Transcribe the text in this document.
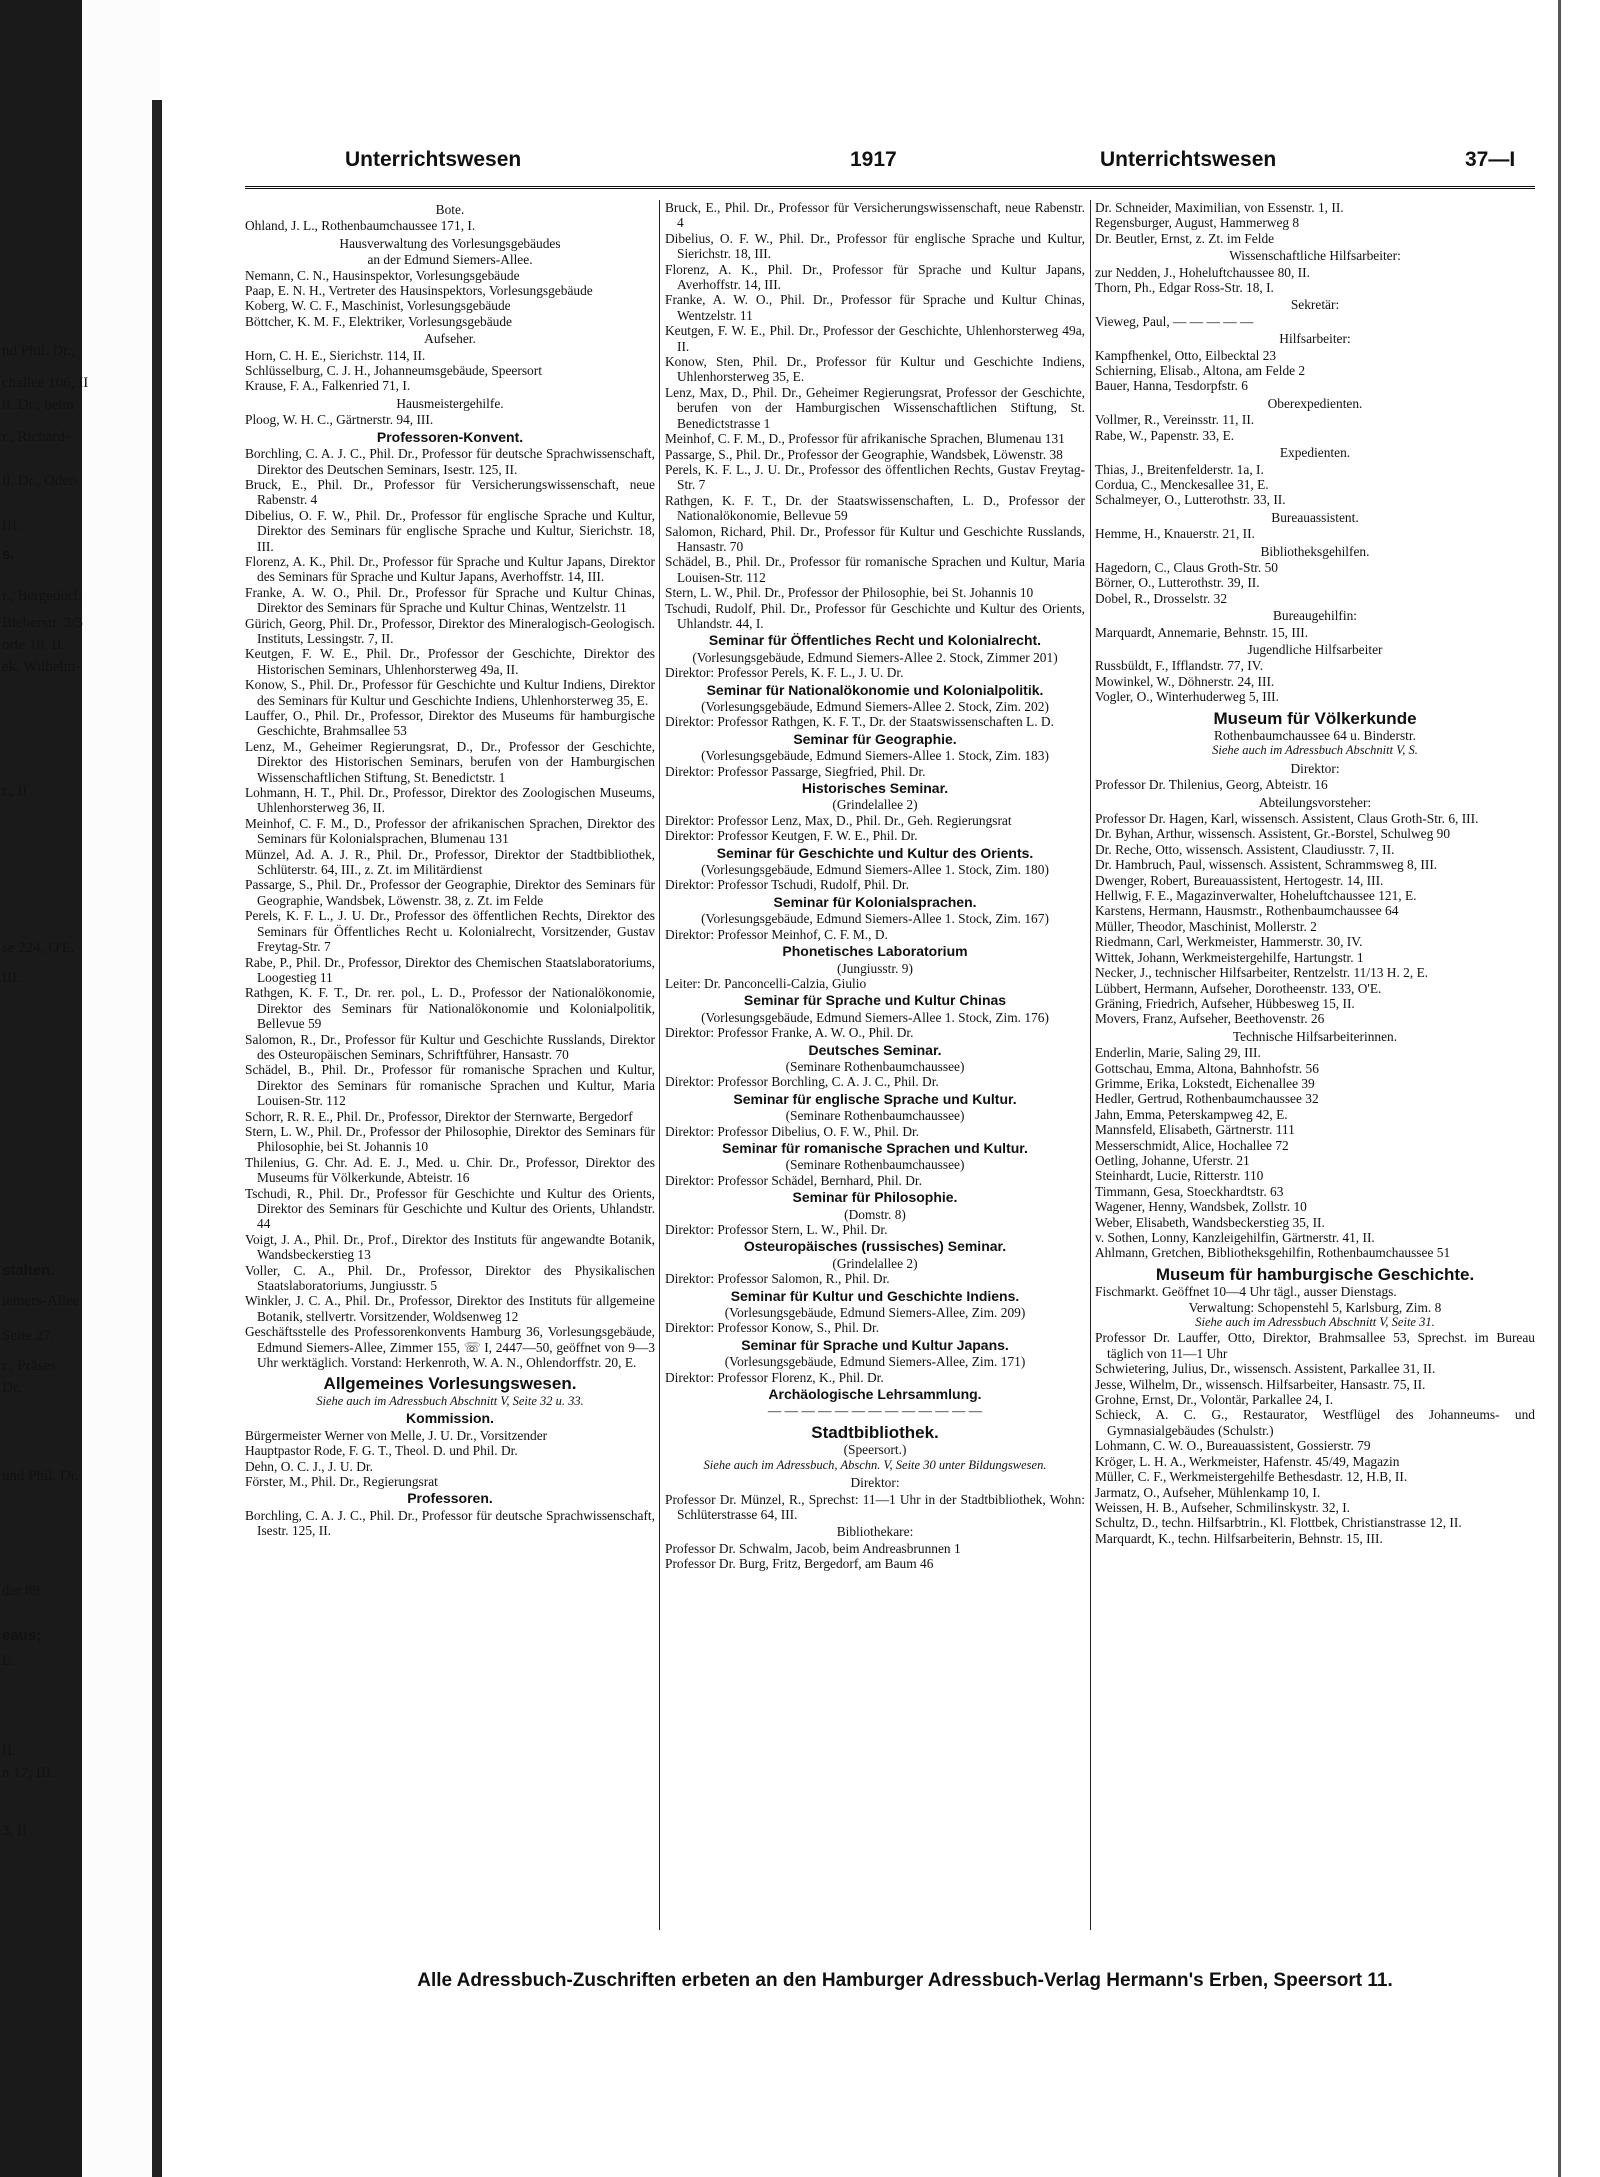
nd Phil. Dr.,
challee 106, II
il. Dr., beim
r., Richard-
il. Dr., Oder-
III.
s.
r., Bergedorf,
Bieberstr. 3/5
orte 18, II.
ek, Wilhelm-
r., II
se 224, O'E.
III.
stalten.
iemers-Allee
Seite 27.
r., Präses
Dr.
und Phil. Dr.
der 89
eaus;
E.
II.
n 17, III.
3, II
Unterrichtswesen	1917	Unterrichtswesen	37—I

Bote.

Ohland, J. L., Rothenbaumchaussee 171, I.

Hausverwaltung des Vorlesungsgebäudes

an der Edmund Siemers-Allee.

Nemann, C. N., Hausinspektor, Vorlesungsgebäude

Paap, E. N. H., Vertreter des Hausinspektors, Vorlesungsgebäude

Koberg, W. C. F., Maschinist, Vorlesungsgebäude

Böttcher, K. M. F., Elektriker, Vorlesungsgebäude

Aufseher.

Horn, C. H. E., Sierichstr. 114, II.

Schlüsselburg, C. J. H., Johanneumsgebäude, Speersort

Krause, F. A., Falkenried 71, I.

Hausmeistergehilfe.

Ploog, W. H. C., Gärtnerstr. 94, III.

Professoren-Konvent.

Borchling, C. A. J. C., Phil. Dr., Professor für deutsche Sprachwissenschaft, Direktor des Deutschen Seminars, Isestr. 125, II.

Bruck, E., Phil. Dr., Professor für Versicherungswissenschaft, neue Rabenstr. 4

Dibelius, O. F. W., Phil. Dr., Professor für englische Sprache und Kultur, Direktor des Seminars für englische Sprache und Kultur, Sierichstr. 18, III.

Florenz, A. K., Phil. Dr., Professor für Sprache und Kultur Japans, Direktor des Seminars für Sprache und Kultur Japans, Averhoffstr. 14, III.

Franke, A. W. O., Phil. Dr., Professor für Sprache und Kultur Chinas, Direktor des Seminars für Sprache und Kultur Chinas, Wentzelstr. 11

Gürich, Georg, Phil. Dr., Professor, Direktor des Mineralogisch-Geologisch. Instituts, Lessingstr. 7, II.

Keutgen, F. W. E., Phil. Dr., Professor der Geschichte, Direktor des Historischen Seminars, Uhlenhorsterweg 49a, II.

Konow, S., Phil. Dr., Professor für Geschichte und Kultur Indiens, Direktor des Seminars für Kultur und Geschichte Indiens, Uhlenhorsterweg 35, E.

Lauffer, O., Phil. Dr., Professor, Direktor des Museums für hamburgische Geschichte, Brahmsallee 53

Lenz, M., Geheimer Regierungsrat, D., Dr., Professor der Geschichte, Direktor des Historischen Seminars, berufen von der Hamburgischen Wissenschaftlichen Stiftung, St. Benedictstr. 1

Lohmann, H. T., Phil. Dr., Professor, Direktor des Zoologischen Museums, Uhlenhorsterweg 36, II.

Meinhof, C. F. M., D., Professor der afrikanischen Sprachen, Direktor des Seminars für Kolonialsprachen, Blumenau 131

Münzel, Ad. A. J. R., Phil. Dr., Professor, Direktor der Stadtbibliothek, Schlüterstr. 64, III., z. Zt. im Militärdienst

Passarge, S., Phil. Dr., Professor der Geographie, Direktor des Seminars für Geographie, Wandsbek, Löwenstr. 38, z. Zt. im Felde

Perels, K. F. L., J. U. Dr., Professor des öffentlichen Rechts, Direktor des Seminars für Öffentliches Recht u. Kolonialrecht, Vorsitzender, Gustav Freytag-Str. 7

Rabe, P., Phil. Dr., Professor, Direktor des Chemischen Staatslaboratoriums, Loogestieg 11

Rathgen, K. F. T., Dr. rer. pol., L. D., Professor der Nationalökonomie, Direktor des Seminars für Nationalökonomie und Kolonialpolitik, Bellevue 59

Salomon, R., Dr., Professor für Kultur und Geschichte Russlands, Direktor des Osteuropäischen Seminars, Schriftführer, Hansastr. 70

Schädel, B., Phil. Dr., Professor für romanische Sprachen und Kultur, Direktor des Seminars für romanische Sprachen und Kultur, Maria Louisen-Str. 112

Schorr, R. R. E., Phil. Dr., Professor, Direktor der Sternwarte, Bergedorf

Stern, L. W., Phil. Dr., Professor der Philosophie, Direktor des Seminars für Philosophie, bei St. Johannis 10

Thilenius, G. Chr. Ad. E. J., Med. u. Chir. Dr., Professor, Direktor des Museums für Völkerkunde, Abteistr. 16

Tschudi, R., Phil. Dr., Professor für Geschichte und Kultur des Orients, Direktor des Seminars für Geschichte und Kultur des Orients, Uhlandstr. 44

Voigt, J. A., Phil. Dr., Prof., Direktor des Instituts für angewandte Botanik, Wandsbeckerstieg 13

Voller, C. A., Phil. Dr., Professor, Direktor des Physikalischen Staatslaboratoriums, Jungiusstr. 5

Winkler, J. C. A., Phil. Dr., Professor, Direktor des Instituts für allgemeine Botanik, stellvertr. Vorsitzender, Woldsenweg 12

Geschäftsstelle des Professorenkonvents Hamburg 36, Vorlesungsgebäude, Edmund Siemers-Allee, Zimmer 155, ☏ I, 2447—50, geöffnet von 9—3 Uhr werktäglich. Vorstand: Herkenroth, W. A. N., Ohlendorffstr. 20, E.

Allgemeines Vorlesungswesen.

Siehe auch im Adressbuch Abschnitt V, Seite 32 u. 33.

Kommission.

Bürgermeister Werner von Melle, J. U. Dr., Vorsitzender

Hauptpastor Rode, F. G. T., Theol. D. und Phil. Dr.

Dehn, O. C. J., J. U. Dr.

Förster, M., Phil. Dr., Regierungsrat

Professoren.

Borchling, C. A. J. C., Phil. Dr., Professor für deutsche Sprachwissenschaft, Isestr. 125, II.

Bruck, E., Phil. Dr., Professor für Versicherungswissenschaft, neue Rabenstr. 4

Dibelius, O. F. W., Phil. Dr., Professor für englische Sprache und Kultur, Sierichstr. 18, III.

Florenz, A. K., Phil. Dr., Professor für Sprache und Kultur Japans, Averhoffstr. 14, III.

Franke, A. W. O., Phil. Dr., Professor für Sprache und Kultur Chinas, Wentzelstr. 11

Keutgen, F. W. E., Phil. Dr., Professor der Geschichte, Uhlenhorsterweg 49a, II.

Konow, Sten, Phil. Dr., Professor für Kultur und Geschichte Indiens, Uhlenhorsterweg 35, E.

Lenz, Max, D., Phil. Dr., Geheimer Regierungsrat, Professor der Geschichte, berufen von der Hamburgischen Wissenschaftlichen Stiftung, St. Benedictstrasse 1

Meinhof, C. F. M., D., Professor für afrikanische Sprachen, Blumenau 131

Passarge, S., Phil. Dr., Professor der Geographie, Wandsbek, Löwenstr. 38

Perels, K. F. L., J. U. Dr., Professor des öffentlichen Rechts, Gustav Freytag-Str. 7

Rathgen, K. F. T., Dr. der Staatswissenschaften, L. D., Professor der Nationalökonomie, Bellevue 59

Salomon, Richard, Phil. Dr., Professor für Kultur und Geschichte Russlands, Hansastr. 70

Schädel, B., Phil. Dr., Professor für romanische Sprachen und Kultur, Maria Louisen-Str. 112

Stern, L. W., Phil. Dr., Professor der Philosophie, bei St. Johannis 10

Tschudi, Rudolf, Phil. Dr., Professor für Geschichte und Kultur des Orients, Uhlandstr. 44, I.

Seminar für Öffentliches Recht und Kolonialrecht.

(Vorlesungsgebäude, Edmund Siemers-Allee 2. Stock, Zimmer 201)

Direktor: Professor Perels, K. F. L., J. U. Dr.

Seminar für Nationalökonomie und Kolonialpolitik.

(Vorlesungsgebäude, Edmund Siemers-Allee 2. Stock, Zim. 202)

Direktor: Professor Rathgen, K. F. T., Dr. der Staatswissenschaften L. D.

Seminar für Geographie.

(Vorlesungsgebäude, Edmund Siemers-Allee 1. Stock, Zim. 183)

Direktor: Professor Passarge, Siegfried, Phil. Dr.

Historisches Seminar.

(Grindelallee 2)

Direktor: Professor Lenz, Max, D., Phil. Dr., Geh. Regierungsrat

Direktor: Professor Keutgen, F. W. E., Phil. Dr.

Seminar für Geschichte und Kultur des Orients.

(Vorlesungsgebäude, Edmund Siemers-Allee 1. Stock, Zim. 180)

Direktor: Professor Tschudi, Rudolf, Phil. Dr.

Seminar für Kolonialsprachen.

(Vorlesungsgebäude, Edmund Siemers-Allee 1. Stock, Zim. 167)

Direktor: Professor Meinhof, C. F. M., D.

Phonetisches Laboratorium

(Jungiusstr. 9)

Leiter: Dr. Panconcelli-Calzia, Giulio

Seminar für Sprache und Kultur Chinas

(Vorlesungsgebäude, Edmund Siemers-Allee 1. Stock, Zim. 176)

Direktor: Professor Franke, A. W. O., Phil. Dr.

Deutsches Seminar.

(Seminare Rothenbaumchaussee)

Direktor: Professor Borchling, C. A. J. C., Phil. Dr.

Seminar für englische Sprache und Kultur.

(Seminare Rothenbaumchaussee)

Direktor: Professor Dibelius, O. F. W., Phil. Dr.

Seminar für romanische Sprachen und Kultur.

(Seminare Rothenbaumchaussee)

Direktor: Professor Schädel, Bernhard, Phil. Dr.

Seminar für Philosophie.

(Domstr. 8)

Direktor: Professor Stern, L. W., Phil. Dr.

Osteuropäisches (russisches) Seminar.

(Grindelallee 2)

Direktor: Professor Salomon, R., Phil. Dr.

Seminar für Kultur und Geschichte Indiens.

(Vorlesungsgebäude, Edmund Siemers-Allee, Zim. 209)

Direktor: Professor Konow, S., Phil. Dr.

Seminar für Sprache und Kultur Japans.

(Vorlesungsgebäude, Edmund Siemers-Allee, Zim. 171)

Direktor: Professor Florenz, K., Phil. Dr.

Archäologische Lehrsammlung.

— — — — — — — — — — — — —

Stadtbibliothek.

(Speersort.)

Siehe auch im Adressbuch, Abschn. V, Seite 30 unter Bildungswesen.

Direktor:

Professor Dr. Münzel, R., Sprechst: 11—1 Uhr in der Stadtbibliothek, Wohn: Schlüterstrasse 64, III.

Bibliothekare:

Professor Dr. Schwalm, Jacob, beim Andreasbrunnen 1

Professor Dr. Burg, Fritz, Bergedorf, am Baum 46

Dr. Schneider, Maximilian, von Essenstr. 1, II.

Regensburger, August, Hammerweg 8

Dr. Beutler, Ernst, z. Zt. im Felde

Wissenschaftliche Hilfsarbeiter:

zur Nedden, J., Hoheluftchaussee 80, II.

Thorn, Ph., Edgar Ross-Str. 18, I.

Sekretär:

Vieweg, Paul, — — — — —

Hilfsarbeiter:

Kampfhenkel, Otto, Eilbecktal 23

Schierning, Elisab., Altona, am Felde 2

Bauer, Hanna, Tesdorpfstr. 6

Oberexpedienten.

Vollmer, R., Vereinsstr. 11, II.

Rabe, W., Papenstr. 33, E.

Expedienten.

Thias, J., Breitenfelderstr. 1a, I.

Cordua, C., Menckesallee 31, E.

Schalmeyer, O., Lutterothstr. 33, II.

Bureauassistent.

Hemme, H., Knauerstr. 21, II.

Bibliotheksgehilfen.

Hagedorn, C., Claus Groth-Str. 50

Börner, O., Lutterothstr. 39, II.

Dobel, R., Drosselstr. 32

Bureaugehilfin:

Marquardt, Annemarie, Behnstr. 15, III.

Jugendliche Hilfsarbeiter

Russbüldt, F., Ifflandstr. 77, IV.

Mowinkel, W., Döhnerstr. 24, III.

Vogler, O., Winterhuderweg 5, III.

Museum für Völkerkunde

Rothenbaumchaussee 64 u. Binderstr.

Siehe auch im Adressbuch Abschnitt V, S.

Direktor:

Professor Dr. Thilenius, Georg, Abteistr. 16

Abteilungsvorsteher:

Professor Dr. Hagen, Karl, wissensch. Assistent, Claus Groth-Str. 6, III.

Dr. Byhan, Arthur, wissensch. Assistent, Gr.-Borstel, Schulweg 90

Dr. Reche, Otto, wissensch. Assistent, Claudiusstr. 7, II.

Dr. Hambruch, Paul, wissensch. Assistent, Schrammsweg 8, III.

Dwenger, Robert, Bureauassistent, Hertogestr. 14, III.

Hellwig, F. E., Magazinverwalter, Hoheluftchaussee 121, E.

Karstens, Hermann, Hausmstr., Rothenbaumchaussee 64

Müller, Theodor, Maschinist, Mollerstr. 2

Riedmann, Carl, Werkmeister, Hammerstr. 30, IV.

Wittek, Johann, Werkmeistergehilfe, Hartungstr. 1

Necker, J., technischer Hilfsarbeiter, Rentzelstr. 11/13 H. 2, E.

Lübbert, Hermann, Aufseher, Dorotheenstr. 133, O'E.

Gräning, Friedrich, Aufseher, Hübbesweg 15, II.

Movers, Franz, Aufseher, Beethovenstr. 26

Technische Hilfsarbeiterinnen.

Enderlin, Marie, Saling 29, III.

Gottschau, Emma, Altona, Bahnhofstr. 56

Grimme, Erika, Lokstedt, Eichenallee 39

Hedler, Gertrud, Rothenbaumchaussee 32

Jahn, Emma, Peterskampweg 42, E.

Mannsfeld, Elisabeth, Gärtnerstr. 111

Messerschmidt, Alice, Hochallee 72

Oetling, Johanne, Uferstr. 21

Steinhardt, Lucie, Ritterstr. 110

Timmann, Gesa, Stoeckhardtstr. 63

Wagener, Henny, Wandsbek, Zollstr. 10

Weber, Elisabeth, Wandsbeckerstieg 35, II.

v. Sothen, Lonny, Kanzleigehilfin, Gärtnerstr. 41, II.

Ahlmann, Gretchen, Bibliotheksgehilfin, Rothenbaumchaussee 51

Museum für hamburgische Geschichte.

Fischmarkt. Geöffnet 10—4 Uhr tägl., ausser Dienstags.

Verwaltung: Schopenstehl 5, Karlsburg, Zim. 8

Siehe auch im Adressbuch Abschnitt V, Seite 31.

Professor Dr. Lauffer, Otto, Direktor, Brahmsallee 53, Sprechst. im Bureau täglich von 11—1 Uhr

Schwietering, Julius, Dr., wissensch. Assistent, Parkallee 31, II.

Jesse, Wilhelm, Dr., wissensch. Hilfsarbeiter, Hansastr. 75, II.

Grohne, Ernst, Dr., Volontär, Parkallee 24, I.

Schieck, A. C. G., Restaurator, Westflügel des Johanneums- und Gymnasialgebäudes (Schulstr.)

Lohmann, C. W. O., Bureauassistent, Gossierstr. 79

Kröger, L. H. A., Werkmeister, Hafenstr. 45/49, Magazin

Müller, C. F., Werkmeistergehilfe Bethesdastr. 12, H.B, II.

Jarmatz, O., Aufseher, Mühlenkamp 10, I.

Weissen, H. B., Aufseher, Schmilinskystr. 32, I.

Schultz, D., techn. Hilfsarbtrin., Kl. Flottbek, Christianstrasse 12, II.

Marquardt, K., techn. Hilfsarbeiterin, Behnstr. 15, III.

Alle Adressbuch-Zuschriften erbeten an den Hamburger Adressbuch-Verlag Hermann's Erben, Speersort 11.
